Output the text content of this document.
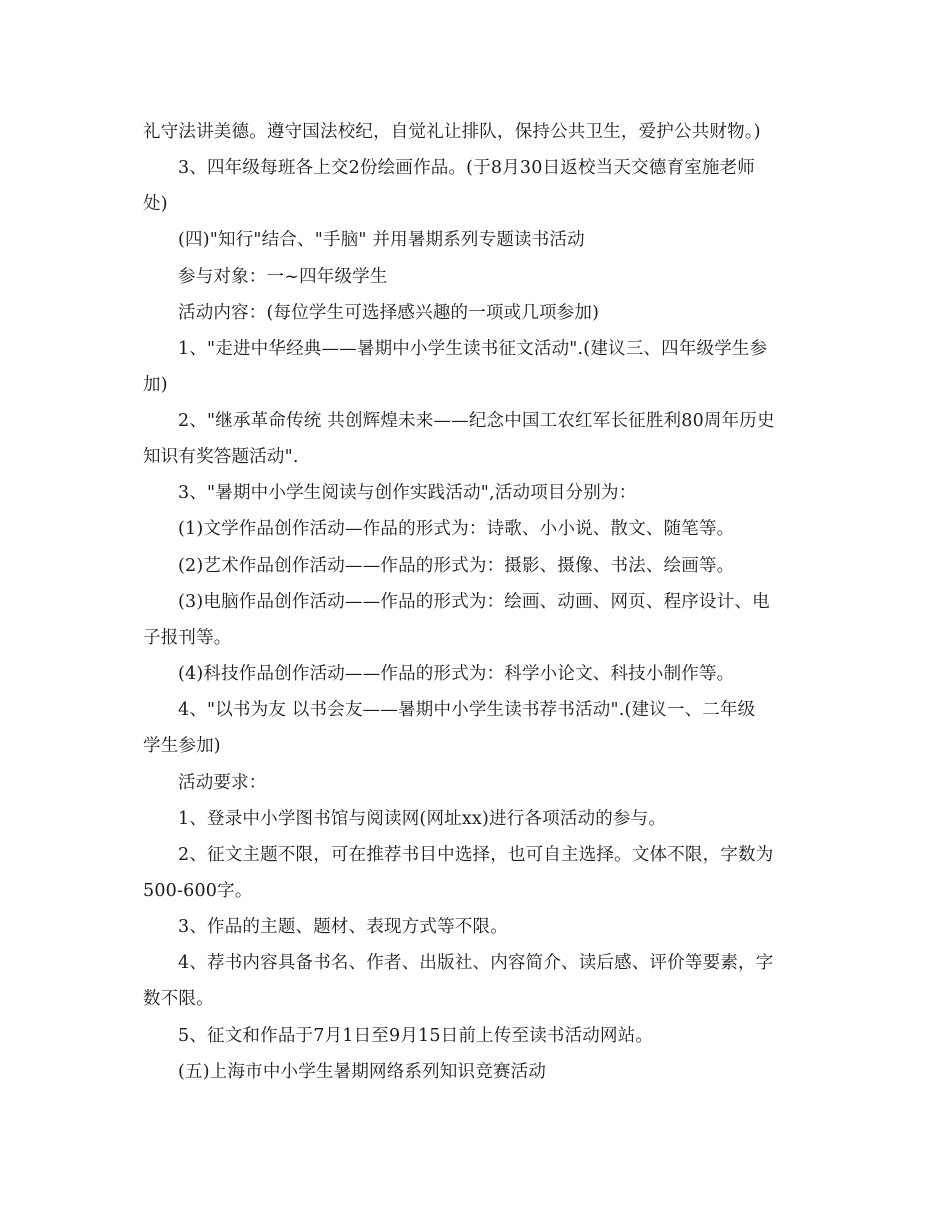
礼守法讲美德。遵守国法校纪，自觉礼让排队，保持公共卫生，爱护公共财物。)
3、四年级每班各上交2份绘画作品。(于8月30日返校当天交德育室施老师
处)
(四)"知行"结合、"手脑" 并用暑期系列专题读书活动
参与对象：一~四年级学生
活动内容：(每位学生可选择感兴趣的一项或几项参加)
1、"走进中华经典——暑期中小学生读书征文活动".(建议三、四年级学生参
加)
2、"继承革命传统 共创辉煌未来——纪念中国工农红军长征胜利80周年历史
知识有奖答题活动".
3、"暑期中小学生阅读与创作实践活动",活动项目分别为：
(1)文学作品创作活动—作品的形式为：诗歌、小小说、散文、随笔等。
(2)艺术作品创作活动——作品的形式为：摄影、摄像、书法、绘画等。
(3)电脑作品创作活动——作品的形式为：绘画、动画、网页、程序设计、电
子报刊等。
(4)科技作品创作活动——作品的形式为：科学小论文、科技小制作等。
4、"以书为友 以书会友——暑期中小学生读书荐书活动".(建议一、二年级
学生参加)
活动要求：
1、登录中小学图书馆与阅读网(网址xx)进行各项活动的参与。
2、征文主题不限，可在推荐书目中选择，也可自主选择。文体不限，字数为
500-600字。
3、作品的主题、题材、表现方式等不限。
4、荐书内容具备书名、作者、出版社、内容简介、读后感、评价等要素，字
数不限。
5、征文和作品于7月1日至9月15日前上传至读书活动网站。
(五)上海市中小学生暑期网络系列知识竞赛活动
